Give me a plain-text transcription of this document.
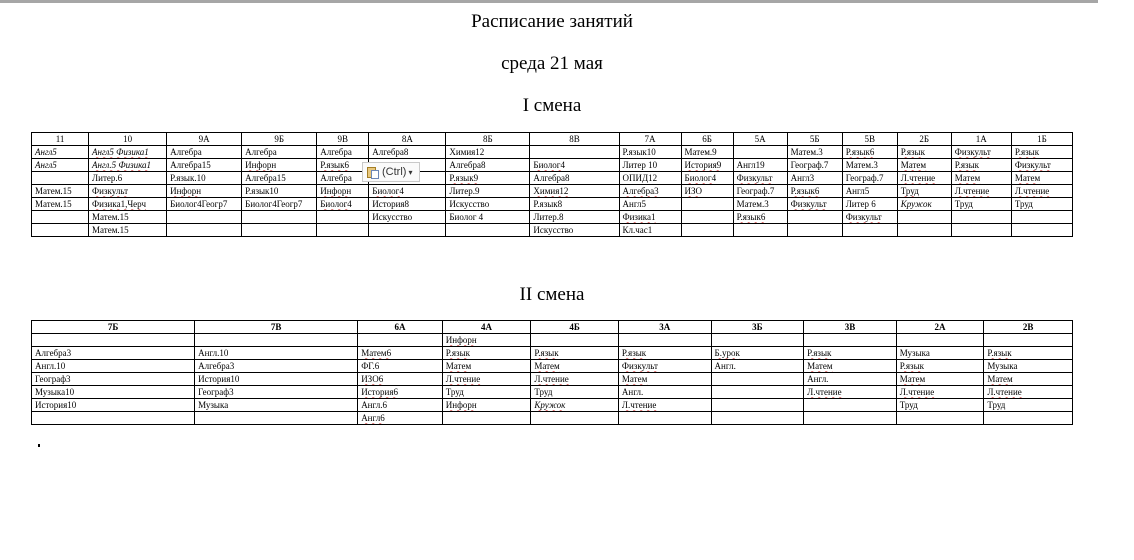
Расписание занятий
среда 21 мая
I смена
11	10	9А	9Б	9В	8А	8Б	8В	7А	6Б	5А	5Б	5В	2Б	1А	1Б
Англ5	Англ5 Физика1	Алгебра	Алгебра	Алгебра	Алгебра8	Химия12		Р.язык10	Матем.9		Матем.3	Р.язык6	Р.язык	Физкульт	Р.язык
Англ5	Англ.5 Физика1	Алгебра15	Инфорн	Р.язык6		Алгебра8	Биолог4	Литер 10	История9	Англ19	Географ.7	Матем.3	Матем	Р.язык	Физкульт
	Литер.6	Р.язык.10	Алгебра15	Алгебра		Р.язык9	Алгебра8	ОПИД12	Биолог4	Физкульт	Англ3	Географ.7	Л.чтение	Матем	Матем
Матем.15	Физкульт	Инфорн	Р.язык10	Инфорн	Биолог4	Литер.9	Химия12	Алгебра3	ИЗО	Географ.7	Р.язык6	Англ5	Труд	Л.чтение	Л.чтение
Матем.15	Физика1,Черч	Биолог4Геогр7	Биолог4Геогр7	Биолог4	История8	Искусство	Р.язык8	Англ5		Матем.3	Физкульт	Литер 6	Кружок	Труд	Труд
	Матем.15				Искусство	Биолог 4	Литер.8	Физика1		Р.язык6		Физкульт			
	Матем.15						Искусство	Кл.час1							
(Ctrl) ▾
II смена
7Б	7В	6А	4А	4Б	3А	3Б	3В	2А	2В
			Инфорн						
Алгебра3	Англ.10	Матем6	Р.язык	Р.язык	Р.язык	Б.урок	Р.язык	Музыка	Р.язык
Англ.10	Алгебра3	ФГ.6	Матем	Матем	Физкульт	Англ.	Матем	Р.язык	Музыка
Географ3	История10	ИЗО6	Л.чтение	Л.чтение	Матем		Англ.	Матем	Матем
Музыка10	Географ3	История6	Труд	Труд	Англ.		Л.чтение	Л.чтение	Л.чтение
История10	Музыка	Англ.6	Инфорн	Кружок	Л.чтение			Труд	Труд
		Англ6							
